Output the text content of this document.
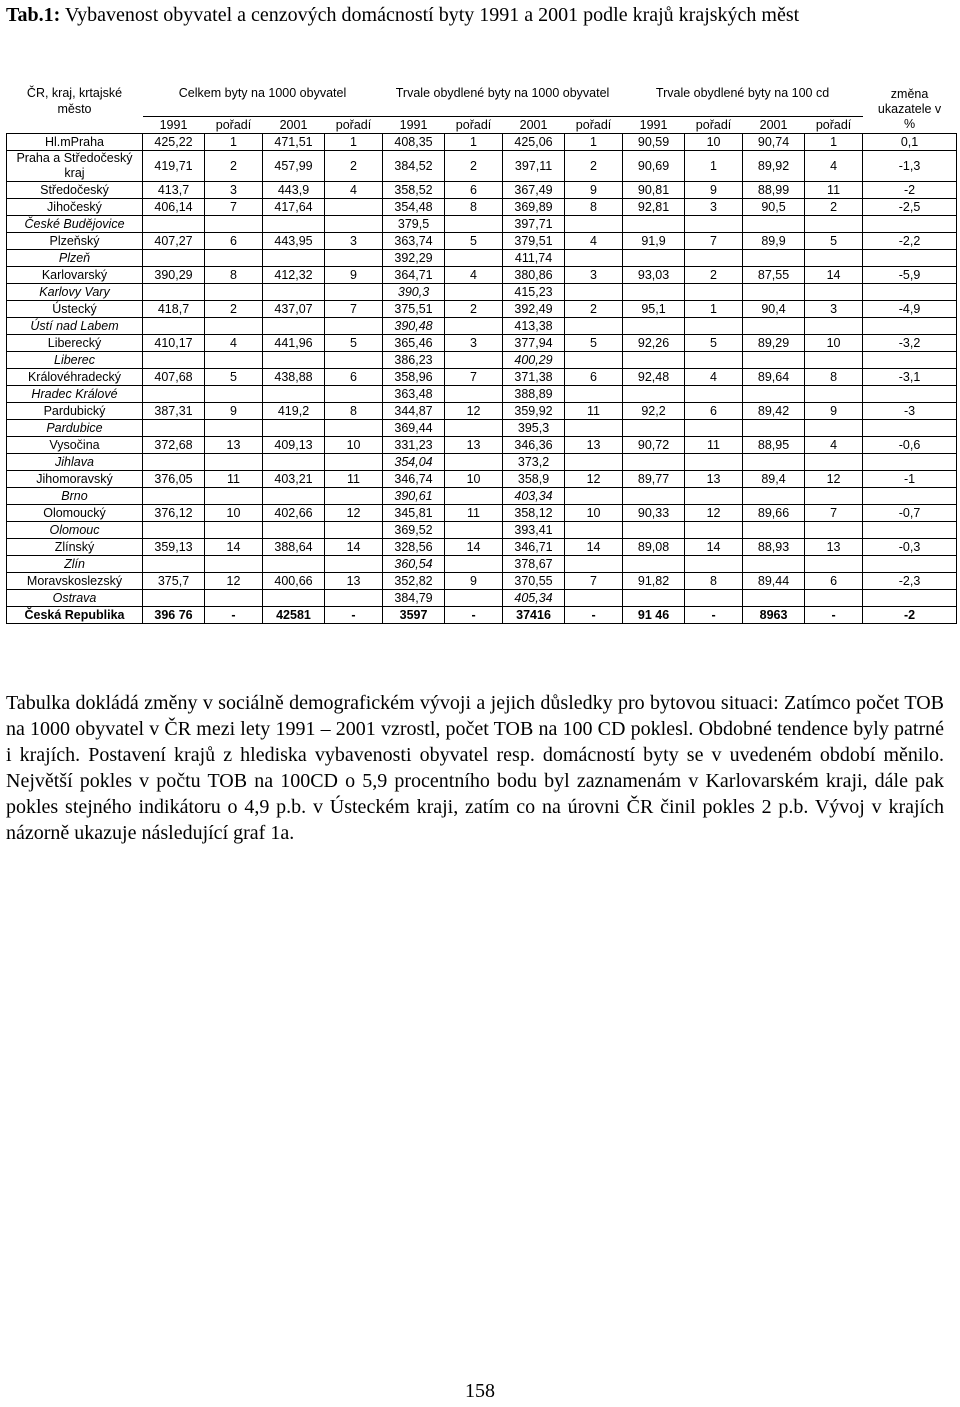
Tab.1: Vybavenost obyvatel a cenzových domácností byty 1991 a 2001 podle krajů krajských měst
ČR, kraj, krtajské město	Celkem byty na 1000 obyvatel				Trvale obydlené byty na 1000 obyvatel				Trvale obydlené byty na 100 cd				změna ukazatele v
	1991	pořadí	2001	pořadí	1991	pořadí	2001	pořadí	1991	pořadí	2001	pořadí	%
Hl.mPraha	425,22	1	471,51	1	408,35	1	425,06	1	90,59	10	90,74	1	0,1
Praha a Středočeský kraj	419,71	2	457,99	2	384,52	2	397,11	2	90,69	1	89,92	4	-1,3
Středočeský	413,7	3	443,9	4	358,52	6	367,49	9	90,81	9	88,99	11	-2
Jihočeský	406,14	7	417,64		354,48	8	369,89	8	92,81	3	90,5	2	-2,5
České Budějovice					379,5		397,71						
Plzeňský	407,27	6	443,95	3	363,74	5	379,51	4	91,9	7	89,9	5	-2,2
Plzeň					392,29		411,74						
Karlovarský	390,29	8	412,32	9	364,71	4	380,86	3	93,03	2	87,55	14	-5,9
Karlovy Vary					390,3		415,23						
Ústecký	418,7	2	437,07	7	375,51	2	392,49	2	95,1	1	90,4	3	-4,9
Ústí nad Labem					390,48		413,38						
Liberecký	410,17	4	441,96	5	365,46	3	377,94	5	92,26	5	89,29	10	-3,2
Liberec					386,23		400,29						
Královéhradecký	407,68	5	438,88	6	358,96	7	371,38	6	92,48	4	89,64	8	-3,1
Hradec Králové					363,48		388,89						
Pardubický	387,31	9	419,2	8	344,87	12	359,92	11	92,2	6	89,42	9	-3
Pardubice					369,44		395,3						
Vysočina	372,68	13	409,13	10	331,23	13	346,36	13	90,72	11	88,95	4	-0,6
Jihlava					354,04		373,2						
Jihomoravský	376,05	11	403,21	11	346,74	10	358,9	12	89,77	13	89,4	12	-1
Brno					390,61		403,34						
Olomoucký	376,12	10	402,66	12	345,81	11	358,12	10	90,33	12	89,66	7	-0,7
Olomouc					369,52		393,41						
Zlínský	359,13	14	388,64	14	328,56	14	346,71	14	89,08	14	88,93	13	-0,3
Zlín					360,54		378,67						
Moravskoslezský	375,7	12	400,66	13	352,82	9	370,55	7	91,82	8	89,44	6	-2,3
Ostrava					384,79		405,34						
Česká Republika	396 76	-	42581	-	3597	-	37416	-	91 46	-	8963	-	-2
Tabulka dokládá změny v sociálně demografickém vývoji a jejich důsledky pro bytovou situaci: Zatímco počet TOB na 1000 obyvatel v ČR mezi lety 1991 – 2001 vzrostl, počet TOB na 100 CD poklesl. Obdobné tendence byly patrné i krajích. Postavení krajů z hlediska vybavenosti obyvatel resp. domácností byty se v uvedeném období měnilo. Největší pokles v počtu TOB na 100CD o 5,9 procentního bodu byl zaznamenám v Karlovarském kraji, dále pak pokles stejného indikátoru o 4,9 p.b. v Ústeckém kraji, zatím co na úrovni ČR činil pokles 2 p.b. Vývoj v krajích názorně ukazuje následující graf 1a.
158
